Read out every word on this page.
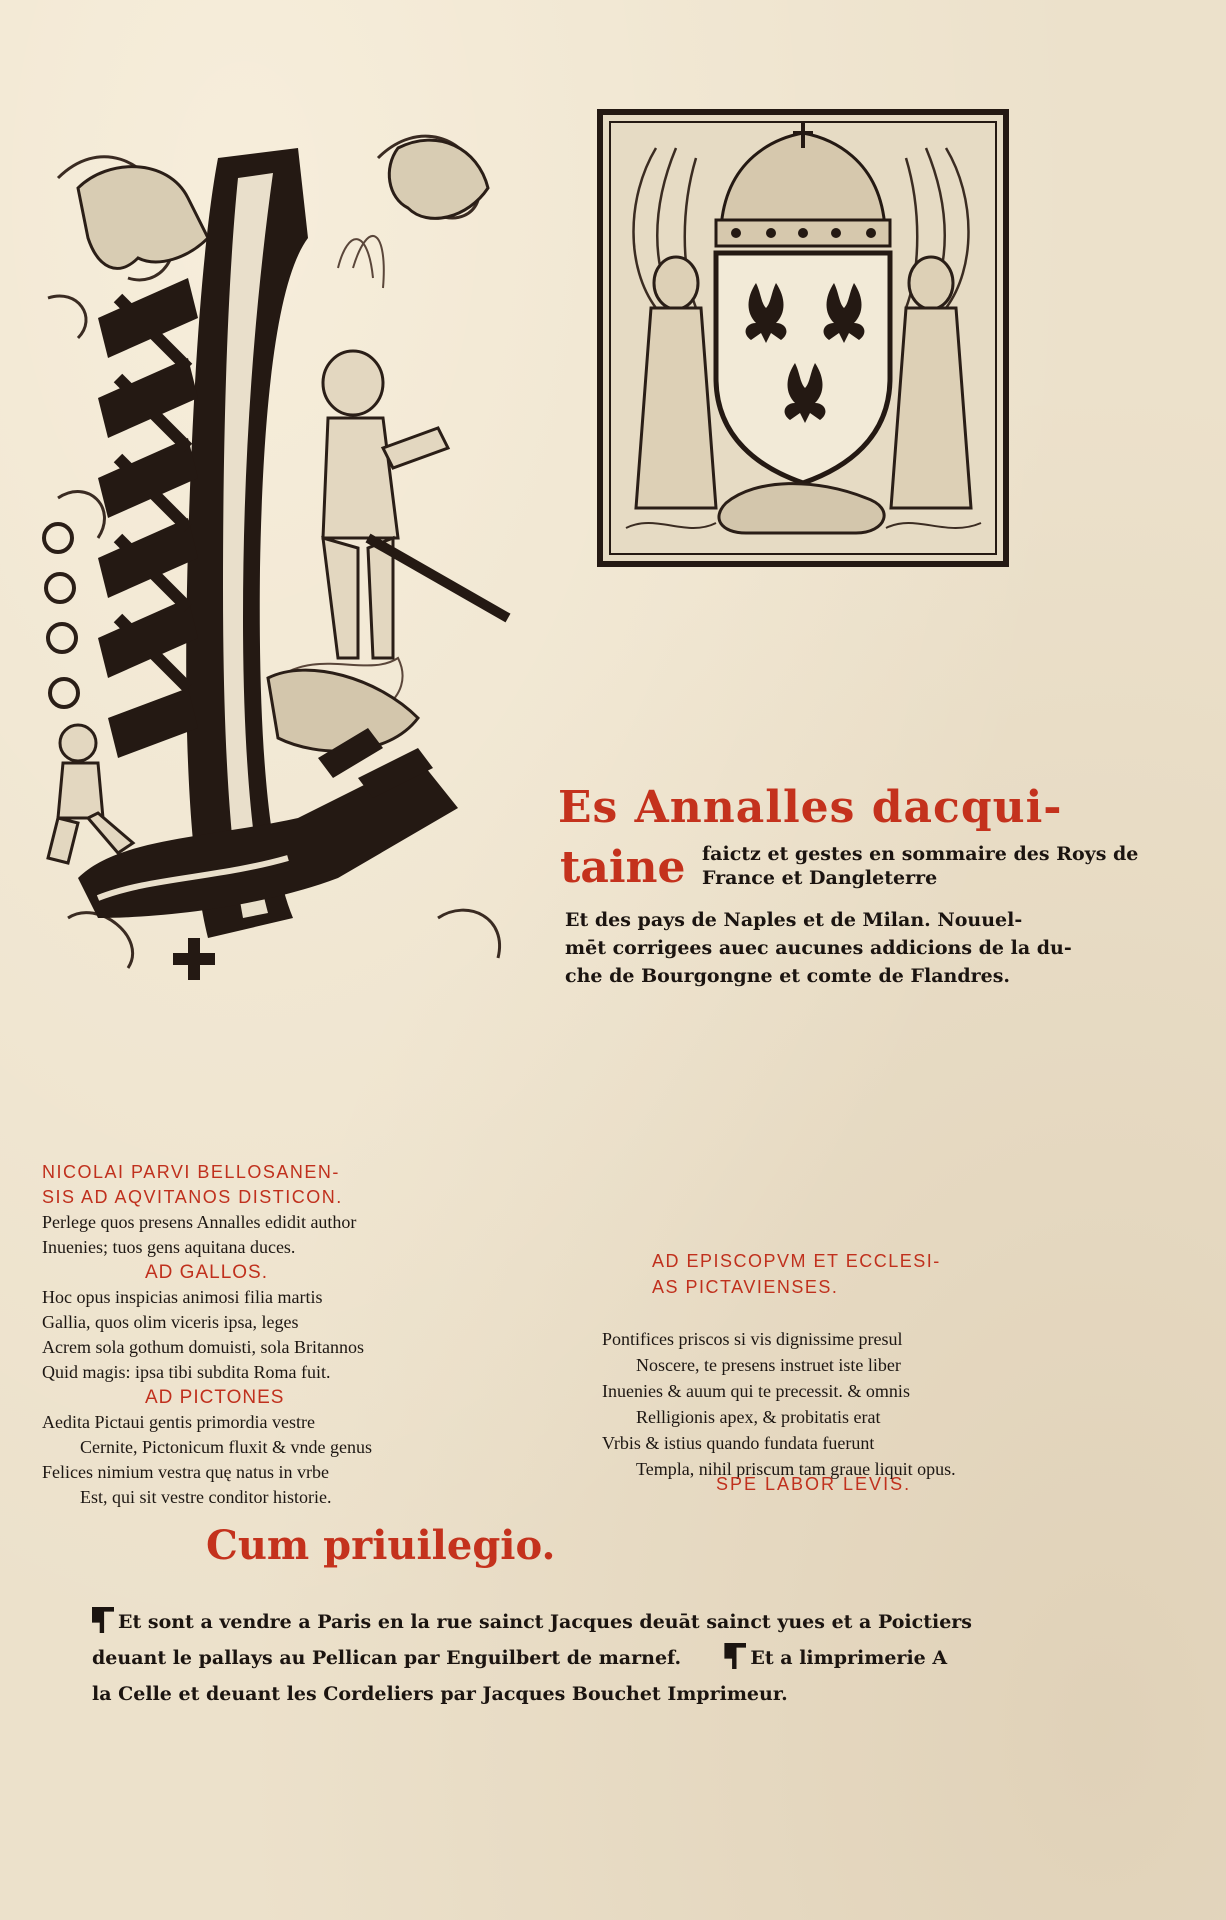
Es Annalles dacqui-
taine faictz et gestes en sommaire des Roys de France et Dangleterre
Et des pays de Naples et de Milan. Nouuel-
mēt corrigees auec aucunes addicions de la du-
che de Bourgongne et comte de Flandres.
NICOLAI PARVI BELLOSANEN-
SIS AD AQVITANOS DISTICON.
Perlege quos presens Annalles edidit author
Inuenies; tuos gens aquitana duces.
AD GALLOS.
Hoc opus inspicias animosi filia martis
Gallia, quos olim viceris ipsa, leges
Acrem sola gothum domuisti, sola Britannos
Quid magis: ipsa tibi subdita Roma fuit.
AD PICTONES
Aedita Pictaui gentis primordia vestre
Cernite, Pictonicum fluxit & vnde genus
Felices nimium vestra quę natus in vrbe
Est, qui sit vestre conditor historie.
AD EPISCOPVM ET ECCLESI-
AS PICTAVIENSES.
Pontifices priscos si vis dignissime presul
Noscere, te presens instruet iste liber
Inuenies & auum qui te precessit. & omnis
Relligionis apex, & probitatis erat
Vrbis & istius quando fundata fuerunt
Templa, nihil priscum tam graue liquit opus.
SPE LABOR LEVIS.
Cum priuilegio.
Et sont a vendre a Paris en la rue sainct Jacques deuāt sainct yues et a Poictiers
deuant le pallays au Pellican par Enguilbert de marnef.	Et a limprimerie A
la Celle et deuant les Cordeliers par Jacques Bouchet Imprimeur.
